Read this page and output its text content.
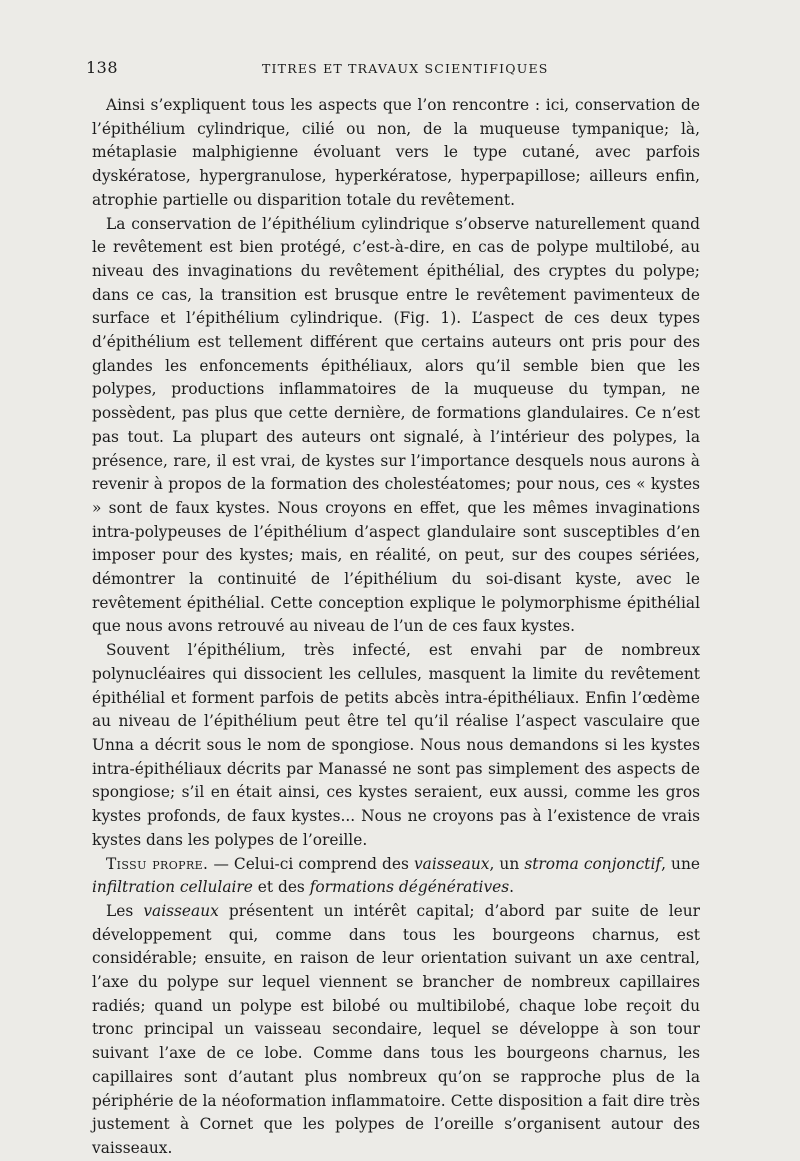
138	TITRES ET TRAVAUX SCIENTIFIQUES

Ainsi s’expliquent tous les aspects que l’on rencontre : ici, conservation de l’épithélium cylindrique, cilié ou non, de la muqueuse tympanique; là, métaplasie malphigienne évoluant vers le type cutané, avec parfois dyskératose, hypergranulose, hyperkératose, hyperpapillose; ailleurs enfin, atrophie partielle ou disparition totale du revêtement.

La conservation de l’épithélium cylindrique s’observe naturellement quand le revêtement est bien protégé, c’est-à-dire, en cas de polype multilobé, au niveau des invaginations du revêtement épithélial, des cryptes du polype; dans ce cas, la transition est brusque entre le revêtement pavimenteux de surface et l’épithélium cylindrique. (Fig. 1). L’aspect de ces deux types d’épithélium est tellement différent que certains auteurs ont pris pour des glandes les enfoncements épithéliaux, alors qu’il semble bien que les polypes, productions inflammatoires de la muqueuse du tympan, ne possèdent, pas plus que cette dernière, de formations glandulaires. Ce n’est pas tout. La plupart des auteurs ont signalé, à l’intérieur des polypes, la présence, rare, il est vrai, de kystes sur l’importance desquels nous aurons à revenir à propos de la formation des cholestéatomes; pour nous, ces « kystes » sont de faux kystes. Nous croyons en effet, que les mêmes invaginations intra-polypeuses de l’épithélium d’aspect glandulaire sont susceptibles d’en imposer pour des kystes; mais, en réalité, on peut, sur des coupes sériées, démontrer la continuité de l’épithélium du soi-disant kyste, avec le revêtement épithélial. Cette conception explique le polymorphisme épithélial que nous avons retrouvé au niveau de l’un de ces faux kystes.

Souvent l’épithélium, très infecté, est envahi par de nombreux polynucléaires qui dissocient les cellules, masquent la limite du revêtement épithélial et forment parfois de petits abcès intra-épithéliaux. Enfin l’œdème au niveau de l’épithélium peut être tel qu’il réalise l’aspect vasculaire que Unna a décrit sous le nom de spongiose. Nous nous demandons si les kystes intra-épithéliaux décrits par Manassé ne sont pas simplement des aspects de spongiose; s’il en était ainsi, ces kystes seraient, eux aussi, comme les gros kystes profonds, de faux kystes... Nous ne croyons pas à l’existence de vrais kystes dans les polypes de l’oreille.

Tissu propre. — Celui-ci comprend des vaisseaux, un stroma conjonctif, une infiltration cellulaire et des formations dégénératives.

Les vaisseaux présentent un intérêt capital; d’abord par suite de leur développement qui, comme dans tous les bourgeons charnus, est considérable; ensuite, en raison de leur orientation suivant un axe central, l’axe du polype sur lequel viennent se brancher de nombreux capillaires radiés; quand un polype est bilobé ou multibilobé, chaque lobe reçoit du tronc principal un vaisseau secondaire, lequel se développe à son tour suivant l’axe de ce lobe. Comme dans tous les bourgeons charnus, les capillaires sont d’autant plus nombreux qu’on se rapproche plus de la périphérie de la néoformation inflammatoire. Cette disposition a fait dire très justement à Cornet que les polypes de l’oreille s’organisent autour des vaisseaux.
